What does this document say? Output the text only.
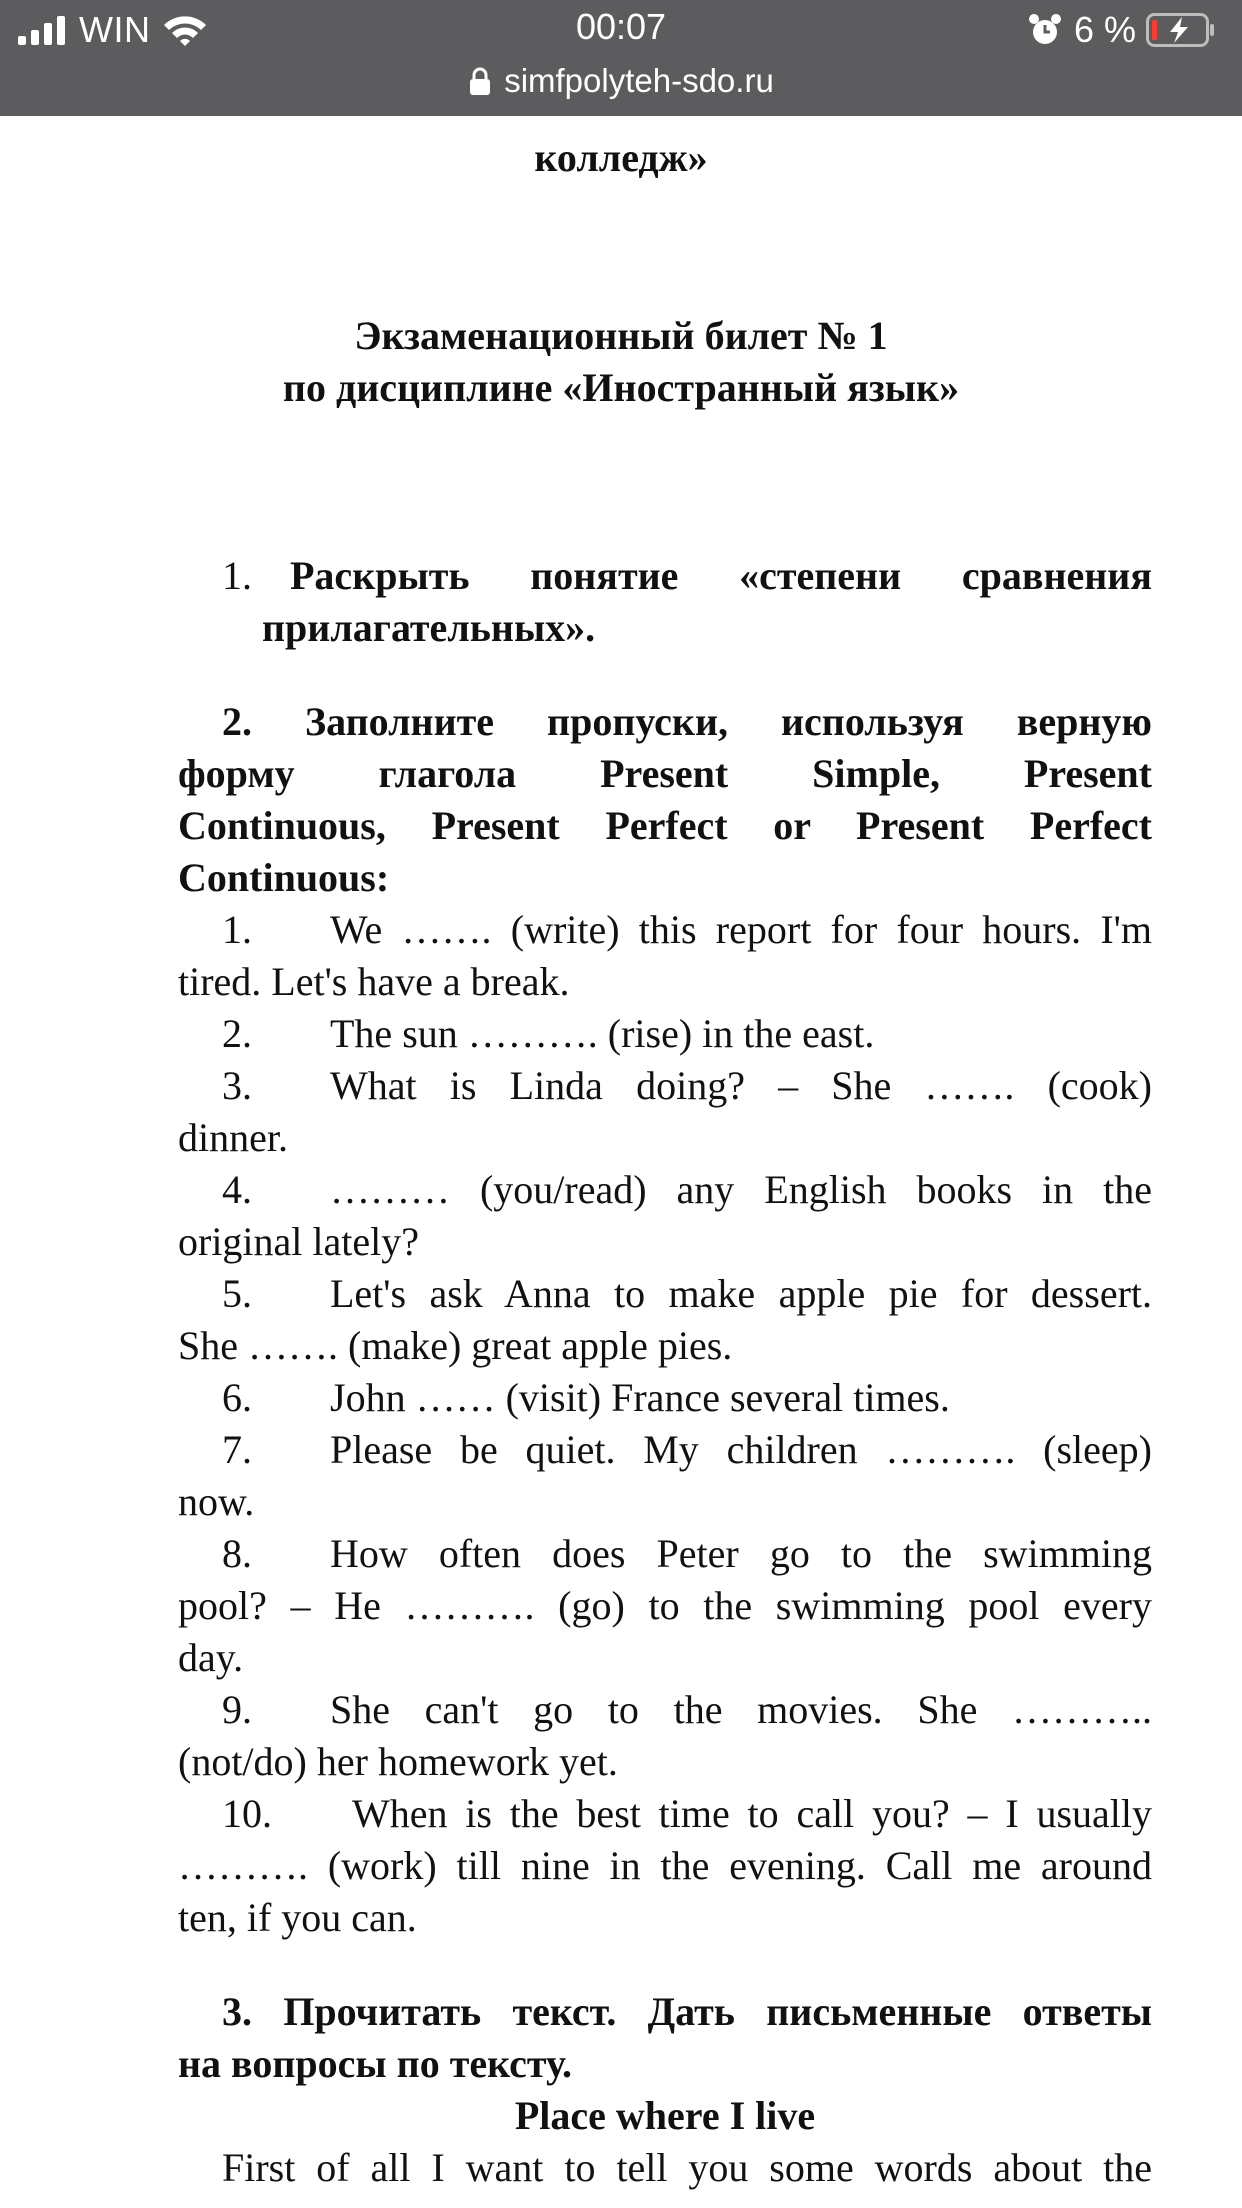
WIN	00:07	6 %
simfpolyteh-sdo.ru
колледж»
Экзаменационный билет № 1
по дисциплине «Иностранный язык»
1. Раскрыть понятие «степени сравнения
прилагательных».
2. Заполните пропуски, используя верную
форму глагола Present Simple, Present
Continuous, Present Perfect or Present Perfect
Continuous:
1. We ……. (write) this report for four hours. I'm
tired. Let's have a break.
2. The sun ………. (rise) in the east.
3. What is Linda doing? – She ……. (cook)
dinner.
4. ……… (you/read) any English books in the
original lately?
5. Let's ask Anna to make apple pie for dessert.
She ……. (make) great apple pies.
6. John …… (visit) France several times.
7. Please be quiet. My children ………. (sleep)
now.
8. How often does Peter go to the swimming
pool? – He ………. (go) to the swimming pool every
day.
9. She can't go to the movies. She ………..
(not/do) her homework yet.
10. When is the best time to call you? – I usually
………. (work) till nine in the evening. Call me around
ten, if you can.
3. Прочитать текст. Дать письменные ответы
на вопросы по тексту.
Place where I live
First of all I want to tell you some words about the
